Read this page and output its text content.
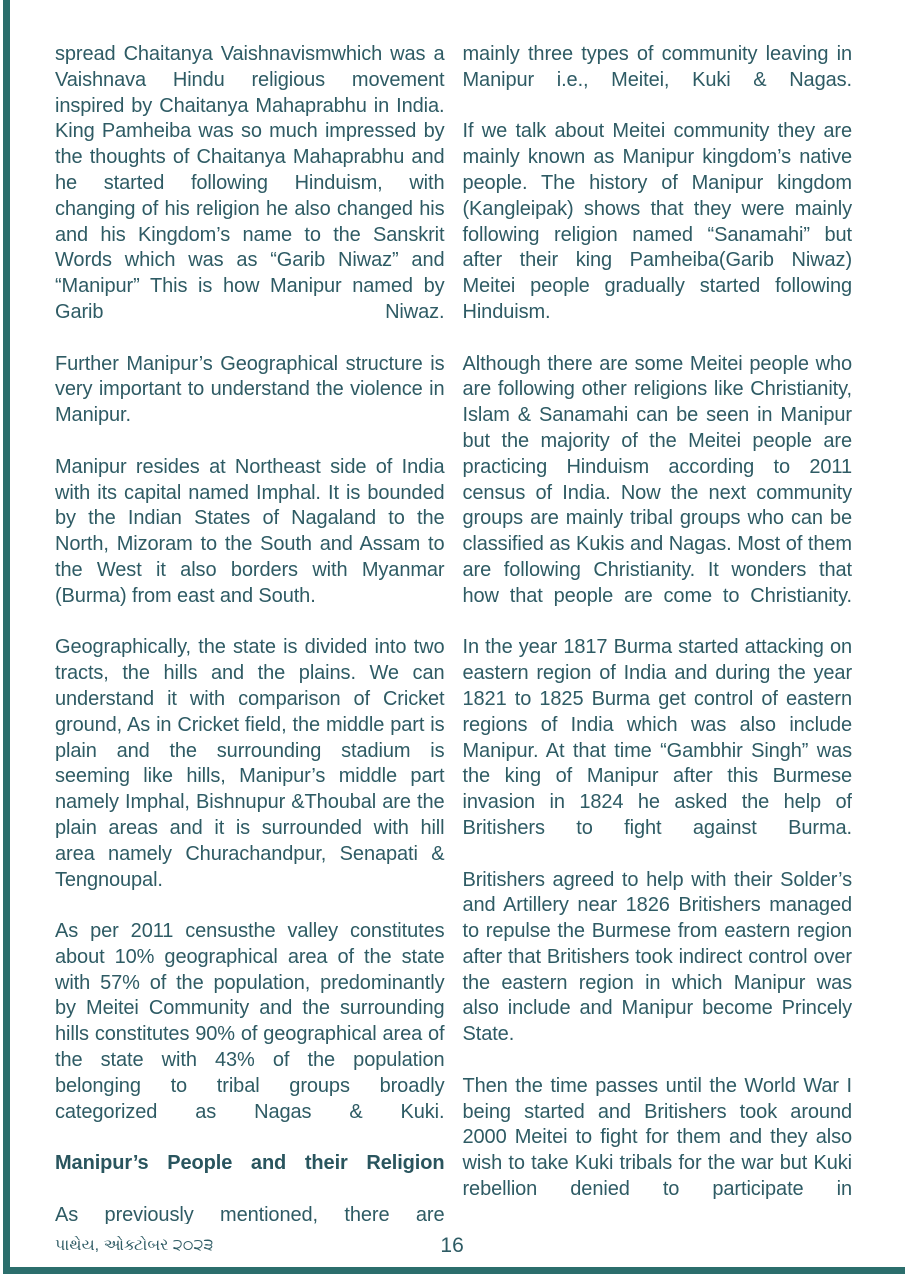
spread Chaitanya Vaishnavismwhich was a Vaishnava Hindu religious movement inspired by Chaitanya Mahaprabhu in India. King Pamheiba was so much impressed by the thoughts of Chaitanya Mahaprabhu and he started following Hinduism, with changing of his religion he also changed his and his Kingdom’s name to the Sanskrit Words which was as “Garib Niwaz” and “Manipur” This is how Manipur named by Garib Niwaz.

Further Manipur’s Geographical structure is very important to understand the violence in Manipur.

Manipur resides at Northeast side of India with its capital named Imphal. It is bounded by the Indian States of Nagaland to the North, Mizoram to the South and Assam to the West it also borders with Myanmar (Burma) from east and South.

Geographically, the state is divided into two tracts, the hills and the plains. We can understand it with comparison of Cricket ground, As in Cricket field, the middle part is plain and the surrounding stadium is seeming like hills, Manipur’s middle part namely Imphal, Bishnupur &Thoubal are the plain areas and it is surrounded with hill area namely Churachandpur, Senapati & Tengnoupal.

As per 2011 censusthe valley constitutes about 10% geographical area of the state with 57% of the population, predominantly by Meitei Community and the surrounding hills constitutes 90% of geographical area of the state with 43% of the population belonging to tribal groups broadly categorized as Nagas & Kuki.

Manipur’s People and their Religion

As previously mentioned, there are

mainly three types of community leaving in Manipur i.e., Meitei, Kuki & Nagas.

If we talk about Meitei community they are mainly known as Manipur kingdom’s native people. The history of Manipur kingdom (Kangleipak) shows that they were mainly following religion named “Sanamahi” but after their king Pamheiba(Garib Niwaz) Meitei people gradually started following Hinduism.

Although there are some Meitei people who are following other religions like Christianity, Islam & Sanamahi can be seen in Manipur but the majority of the Meitei people are practicing Hinduism according to 2011 census of India. Now the next community groups are mainly tribal groups who can be classified as Kukis and Nagas. Most of them are following Christianity. It wonders that how that people are come to Christianity.

In the year 1817 Burma started attacking on eastern region of India and during the year 1821 to 1825 Burma get control of eastern regions of India which was also include Manipur. At that time “Gambhir Singh” was the king of Manipur after this Burmese invasion in 1824 he asked the help of Britishers to fight against Burma.

Britishers agreed to help with their Solder’s and Artillery near 1826 Britishers managed to repulse the Burmese from eastern region after that Britishers took indirect control over the eastern region in which Manipur was also include and Manipur become Princely State.

Then the time passes until the World War I being started and Britishers took around 2000 Meitei to fight for them and they also wish to take Kuki tribals for the war but Kuki rebellion denied to participate in

પાથેય, ઓક્ટોબર ੨੦੨੩	16
